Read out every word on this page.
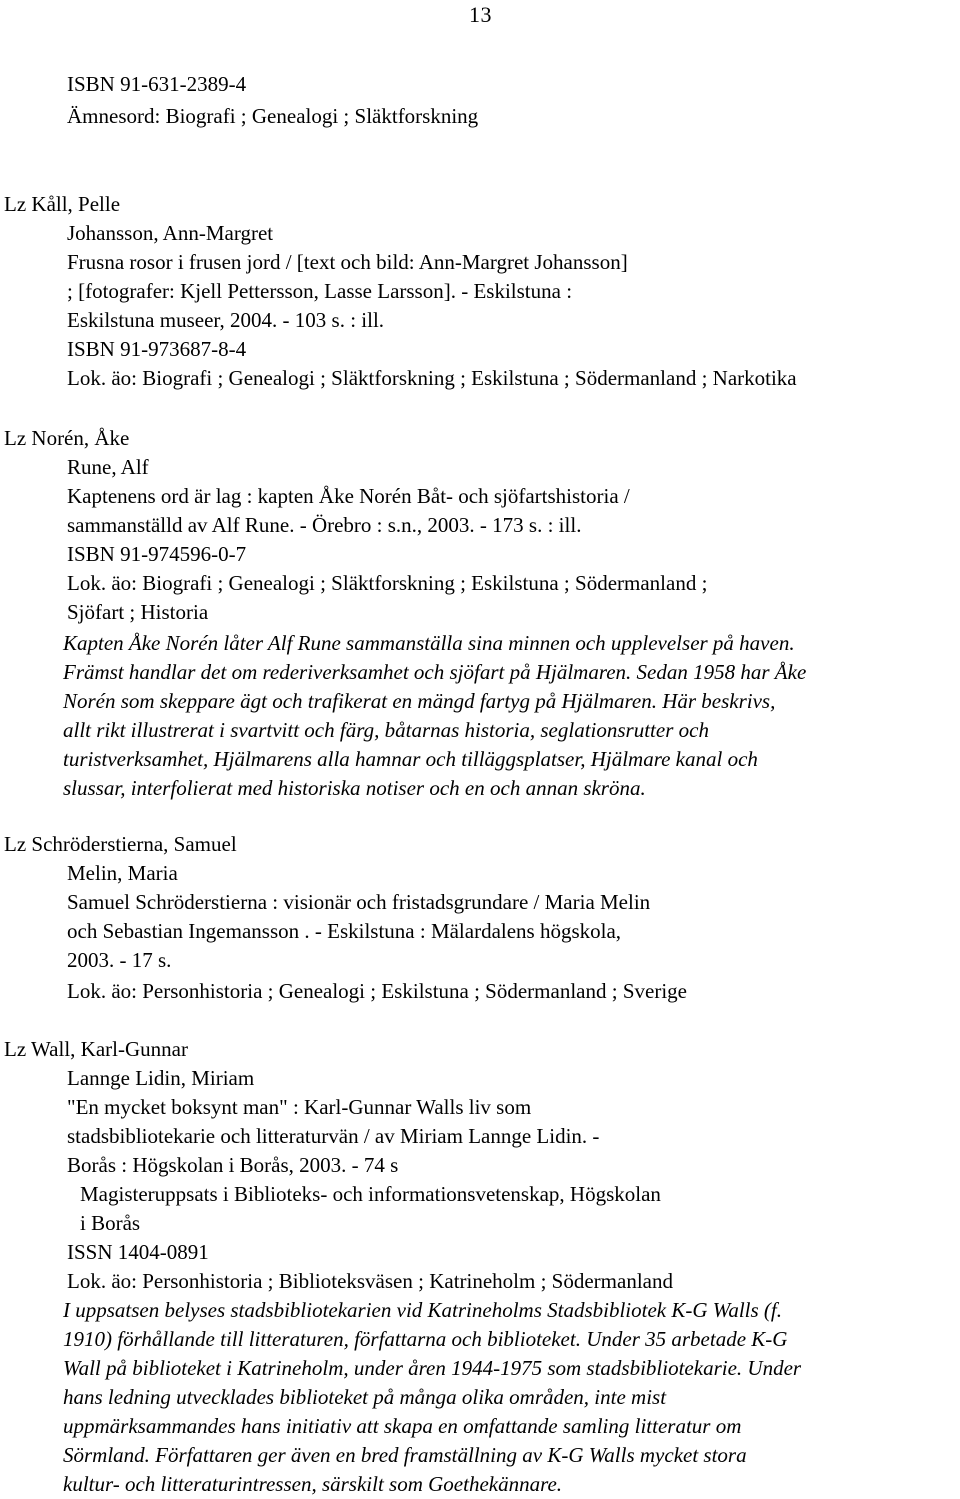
13
ISBN 91-631-2389-4
Ämnesord: Biografi ; Genealogi ; Släktforskning
Lz Kåll, Pelle
Johansson, Ann-Margret
Frusna rosor i frusen jord / [text och bild: Ann-Margret Johansson]
; [fotografer: Kjell Pettersson, Lasse Larsson]. - Eskilstuna :
Eskilstuna museer, 2004. - 103 s. : ill.
ISBN 91-973687-8-4
Lok. äo: Biografi ; Genealogi ; Släktforskning ; Eskilstuna ; Södermanland ; Narkotika
Lz Norén, Åke
Rune, Alf
Kaptenens ord är lag : kapten Åke Norén Båt- och sjöfartshistoria /
sammanställd av Alf Rune. - Örebro : s.n., 2003. - 173 s. : ill.
ISBN 91-974596-0-7
Lok. äo: Biografi ; Genealogi ; Släktforskning ; Eskilstuna ; Södermanland ;
Sjöfart ; Historia
Kapten Åke Norén låter Alf Rune sammanställa sina minnen och upplevelser på haven.
Främst handlar det om rederiverksamhet och sjöfart på Hjälmaren. Sedan 1958 har Åke
Norén som skeppare ägt och trafikerat en mängd fartyg på Hjälmaren. Här beskrivs,
allt rikt illustrerat i svartvitt och färg, båtarnas historia, seglationsrutter och
turistverksamhet, Hjälmarens alla hamnar och tilläggsplatser, Hjälmare kanal och
slussar, interfolierat med historiska notiser och en och annan skröna.
Lz Schröderstierna, Samuel
Melin, Maria
Samuel Schröderstierna : visionär och fristadsgrundare / Maria Melin
och Sebastian Ingemansson . - Eskilstuna : Mälardalens högskola,
2003. - 17 s.
Lok. äo: Personhistoria ; Genealogi ; Eskilstuna ; Södermanland ; Sverige
Lz Wall, Karl-Gunnar
Lannge Lidin, Miriam
"En mycket boksynt man" : Karl-Gunnar Walls liv som
stadsbibliotekarie och litteraturvän / av Miriam Lannge Lidin. -
Borås : Högskolan i Borås, 2003. - 74 s
Magisteruppsats i Biblioteks- och informationsvetenskap, Högskolan
i Borås
ISSN 1404-0891
Lok. äo: Personhistoria ; Biblioteksväsen ; Katrineholm ; Södermanland
I uppsatsen belyses stadsbibliotekarien vid Katrineholms Stadsbibliotek K-G Walls (f.
1910) förhållande till litteraturen, författarna och biblioteket. Under 35 arbetade K-G
Wall på biblioteket i Katrineholm, under åren 1944-1975 som stadsbibliotekarie. Under
hans ledning utvecklades biblioteket på många olika områden, inte mist
uppmärksammandes hans initiativ att skapa en omfattande samling litteratur om
Sörmland. Författaren ger även en bred framställning av K-G Walls mycket stora
kultur- och litteraturintressen, särskilt som Goethekännare.
